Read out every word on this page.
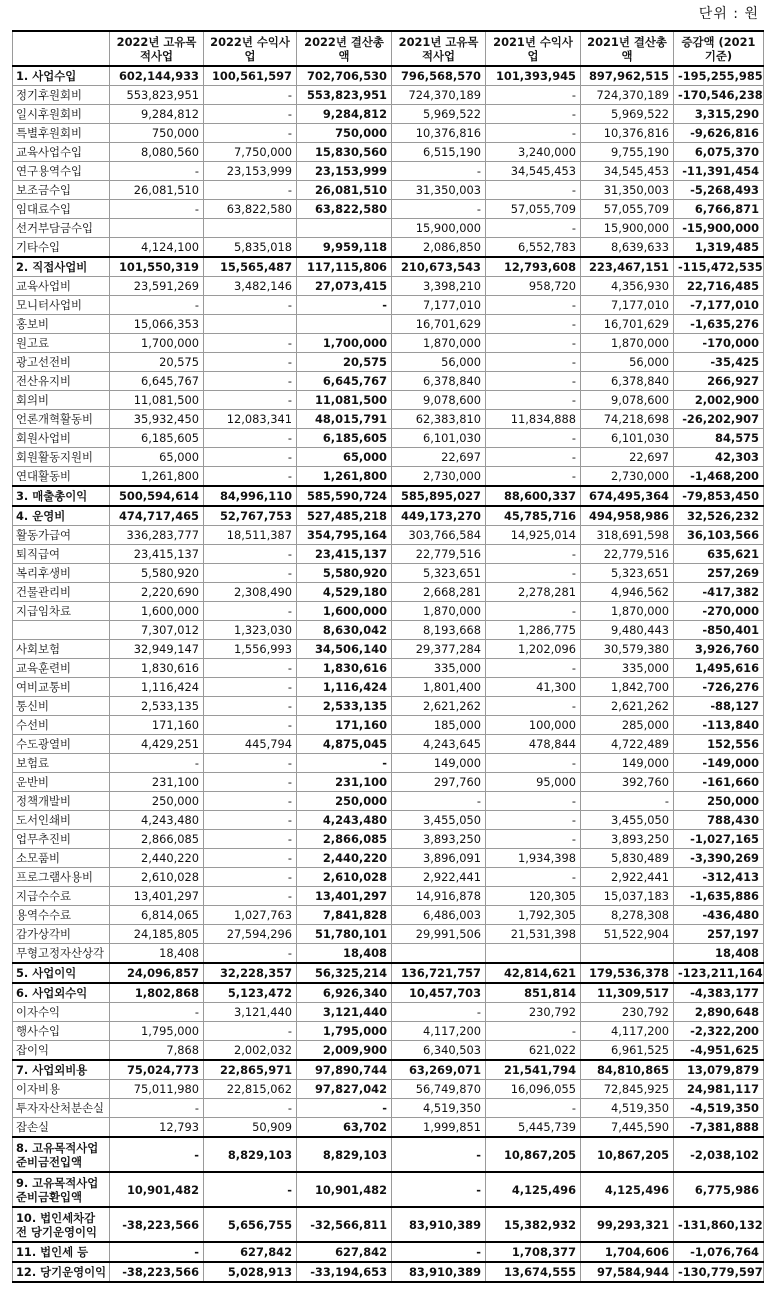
단위 : 원
	2022년 고유목적사업	2022년 수익사업	2022년 결산총액	2021년 고유목적사업	2021년 수익사업	2021년 결산총액	증감액 (2021 기준)
1. 사업수입	602,144,933	100,561,597	702,706,530	796,568,570	101,393,945	897,962,515	-195,255,985
정기후원회비	553,823,951	-	553,823,951	724,370,189	-	724,370,189	-170,546,238
일시후원회비	9,284,812	-	9,284,812	5,969,522	-	5,969,522	3,315,290
특별후원회비	750,000	-	750,000	10,376,816	-	10,376,816	-9,626,816
교육사업수입	8,080,560	7,750,000	15,830,560	6,515,190	3,240,000	9,755,190	6,075,370
연구용역수입	-	23,153,999	23,153,999	-	34,545,453	34,545,453	-11,391,454
보조금수입	26,081,510	-	26,081,510	31,350,003	-	31,350,003	-5,268,493
임대료수입	-	63,822,580	63,822,580	-	57,055,709	57,055,709	6,766,871
선거부담금수입				15,900,000	-	15,900,000	-15,900,000
기타수입	4,124,100	5,835,018	9,959,118	2,086,850	6,552,783	8,639,633	1,319,485
2. 직접사업비	101,550,319	15,565,487	117,115,806	210,673,543	12,793,608	223,467,151	-115,472,535
교육사업비	23,591,269	3,482,146	27,073,415	3,398,210	958,720	4,356,930	22,716,485
모니터사업비	-	-	-	7,177,010	-	7,177,010	-7,177,010
홍보비	15,066,353			16,701,629	-	16,701,629	-1,635,276
원고료	1,700,000	-	1,700,000	1,870,000	-	1,870,000	-170,000
광고선전비	20,575	-	20,575	56,000	-	56,000	-35,425
전산유지비	6,645,767	-	6,645,767	6,378,840	-	6,378,840	266,927
회의비	11,081,500	-	11,081,500	9,078,600	-	9,078,600	2,002,900
언론개혁활동비	35,932,450	12,083,341	48,015,791	62,383,810	11,834,888	74,218,698	-26,202,907
회원사업비	6,185,605	-	6,185,605	6,101,030	-	6,101,030	84,575
회원활동지원비	65,000	-	65,000	22,697	-	22,697	42,303
연대활동비	1,261,800	-	1,261,800	2,730,000	-	2,730,000	-1,468,200
3. 매출총이익	500,594,614	84,996,110	585,590,724	585,895,027	88,600,337	674,495,364	-79,853,450
4. 운영비	474,717,465	52,767,753	527,485,218	449,173,270	45,785,716	494,958,986	32,526,232
활동가급여	336,283,777	18,511,387	354,795,164	303,766,584	14,925,014	318,691,598	36,103,566
퇴직급여	23,415,137	-	23,415,137	22,779,516	-	22,779,516	635,621
복리후생비	5,580,920	-	5,580,920	5,323,651	-	5,323,651	257,269
건물관리비	2,220,690	2,308,490	4,529,180	2,668,281	2,278,281	4,946,562	-417,382
지급임차료	1,600,000	-	1,600,000	1,870,000	-	1,870,000	-270,000
	7,307,012	1,323,030	8,630,042	8,193,668	1,286,775	9,480,443	-850,401
사회보험	32,949,147	1,556,993	34,506,140	29,377,284	1,202,096	30,579,380	3,926,760
교육훈련비	1,830,616	-	1,830,616	335,000	-	335,000	1,495,616
여비교통비	1,116,424	-	1,116,424	1,801,400	41,300	1,842,700	-726,276
통신비	2,533,135	-	2,533,135	2,621,262	-	2,621,262	-88,127
수선비	171,160	-	171,160	185,000	100,000	285,000	-113,840
수도광열비	4,429,251	445,794	4,875,045	4,243,645	478,844	4,722,489	152,556
보험료	-	-	-	149,000	-	149,000	-149,000
운반비	231,100	-	231,100	297,760	95,000	392,760	-161,660
정책개발비	250,000	-	250,000	-	-	-	250,000
도서인쇄비	4,243,480	-	4,243,480	3,455,050	-	3,455,050	788,430
업무추진비	2,866,085	-	2,866,085	3,893,250	-	3,893,250	-1,027,165
소모품비	2,440,220	-	2,440,220	3,896,091	1,934,398	5,830,489	-3,390,269
프로그램사용비	2,610,028	-	2,610,028	2,922,441	-	2,922,441	-312,413
지급수수료	13,401,297	-	13,401,297	14,916,878	120,305	15,037,183	-1,635,886
용역수수료	6,814,065	1,027,763	7,841,828	6,486,003	1,792,305	8,278,308	-436,480
감가상각비	24,185,805	27,594,296	51,780,101	29,991,506	21,531,398	51,522,904	257,197
무형고정자산상각	18,408	-	18,408				18,408
5. 사업이익	24,096,857	32,228,357	56,325,214	136,721,757	42,814,621	179,536,378	-123,211,164
6. 사업외수익	1,802,868	5,123,472	6,926,340	10,457,703	851,814	11,309,517	-4,383,177
이자수익	-	3,121,440	3,121,440	-	230,792	230,792	2,890,648
행사수입	1,795,000	-	1,795,000	4,117,200	-	4,117,200	-2,322,200
잡이익	7,868	2,002,032	2,009,900	6,340,503	621,022	6,961,525	-4,951,625
7. 사업외비용	75,024,773	22,865,971	97,890,744	63,269,071	21,541,794	84,810,865	13,079,879
이자비용	75,011,980	22,815,062	97,827,042	56,749,870	16,096,055	72,845,925	24,981,117
투자자산처분손실	-	-	-	4,519,350	-	4,519,350	-4,519,350
잡손실	12,793	50,909	63,702	1,999,851	5,445,739	7,445,590	-7,381,888
8. 고유목적사업 준비금전입액	-	8,829,103	8,829,103	-	10,867,205	10,867,205	-2,038,102
9. 고유목적사업 준비금환입액	10,901,482	-	10,901,482	-	4,125,496	4,125,496	6,775,986
10. 법인세차감전 당기운영이익	-38,223,566	5,656,755	-32,566,811	83,910,389	15,382,932	99,293,321	-131,860,132
11. 법인세 등	-	627,842	627,842	-	1,708,377	1,704,606	-1,076,764
12. 당기운영이익	-38,223,566	5,028,913	-33,194,653	83,910,389	13,674,555	97,584,944	-130,779,597
